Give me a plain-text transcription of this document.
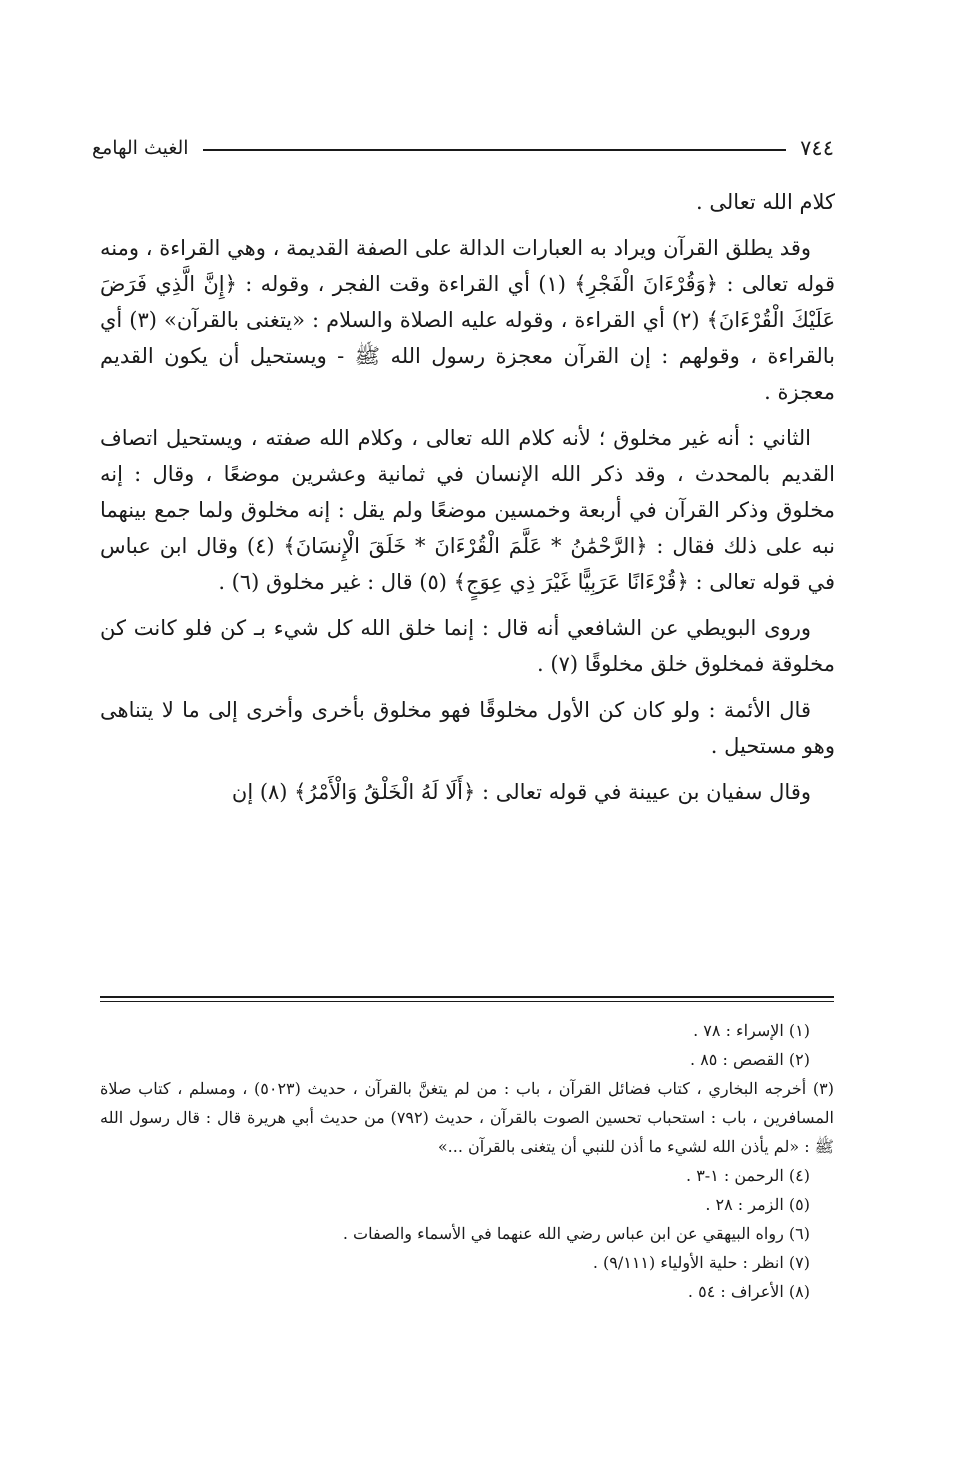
٧٤٤
الغيث الهامع

كلام الله تعالى .

وقد يطلق القرآن ويراد به العبارات الدالة على الصفة القديمة ، وهي القراءة ، ومنه قوله تعالى : ﴿وَقُرْءَانَ الْفَجْرِ﴾ (١) أي القراءة وقت الفجر ، وقوله : ﴿إِنَّ الَّذِي فَرَضَ عَلَيْكَ الْقُرْءَانَ﴾ (٢) أي القراءة ، وقوله عليه الصلاة والسلام : «يتغنى بالقرآن» (٣) أي بالقراءة ، وقولهم : إن القرآن معجزة رسول الله ﷺ - ويستحيل أن يكون القديم معجزة .

الثاني : أنه غير مخلوق ؛ لأنه كلام الله تعالى ، وكلام الله صفته ، ويستحيل اتصاف القديم بالمحدث ، وقد ذكر الله الإنسان في ثمانية وعشرين موضعًا ، وقال : إنه مخلوق وذكر القرآن في أربعة وخمسين موضعًا ولم يقل : إنه مخلوق ولما جمع بينهما نبه على ذلك فقال : ﴿الرَّحْمَٰنُ * عَلَّمَ الْقُرْءَانَ * خَلَقَ الْإِنسَانَ﴾ (٤) وقال ابن عباس في قوله تعالى : ﴿قُرْءَانًا عَرَبِيًّا غَيْرَ ذِي عِوَجٍ﴾ (٥) قال : غير مخلوق (٦) .

وروى البويطي عن الشافعي أنه قال : إنما خلق الله كل شيء بـ كن فلو كانت كن مخلوقة فمخلوق خلق مخلوقًا (٧) .

قال الأئمة : ولو كان كن الأول مخلوقًا فهو مخلوق بأخرى وأخرى إلى ما لا يتناهى وهو مستحيل .

وقال سفيان بن عيينة في قوله تعالى : ﴿أَلَا لَهُ الْخَلْقُ وَالْأَمْرُ﴾ (٨) إن

(١) الإسراء : ٧٨ .
(٢) القصص : ٨٥ .
(٣) أخرجه البخاري ، كتاب فضائل القرآن ، باب : من لم يتغنَّ بالقرآن ، حديث (٥٠٢٣) ، ومسلم ، كتاب صلاة المسافرين ، باب : استحباب تحسين الصوت بالقرآن ، حديث (٧٩٢) من حديث أبي هريرة قال : قال رسول الله ﷺ : «لم يأذن الله لشيء ما أذن للنبي أن يتغنى بالقرآن ...»
(٤) الرحمن : ١-٣ .
(٥) الزمر : ٢٨ .
(٦) رواه البيهقي عن ابن عباس رضي الله عنهما في الأسماء والصفات .
(٧) انظر : حلية الأولياء (٩/١١١) .
(٨) الأعراف : ٥٤ .
